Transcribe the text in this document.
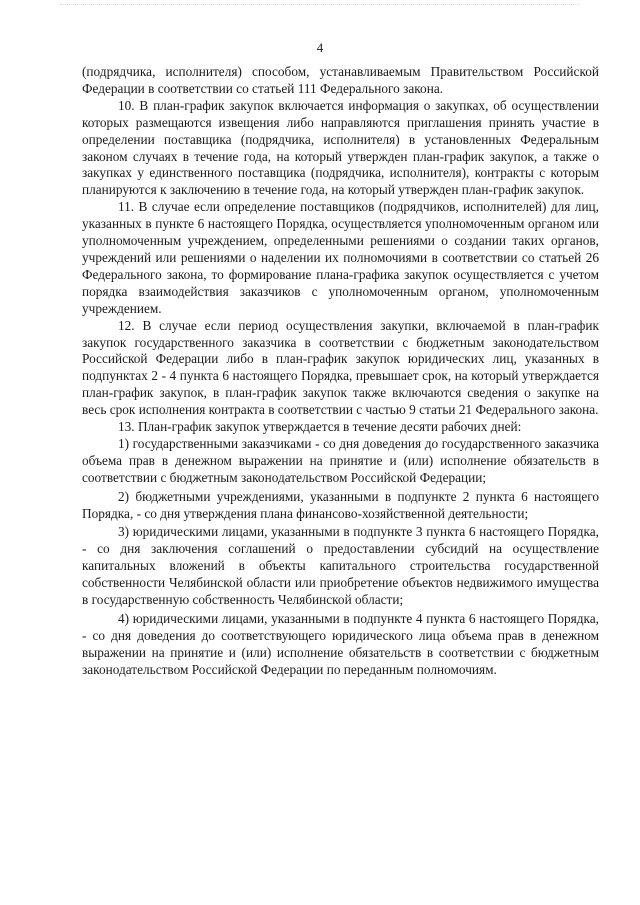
4

(подрядчика, исполнителя) способом, устанавливаемым Правительством Российской Федерации в соответствии со статьей 111 Федерального закона.

10. В план-график закупок включается информация о закупках, об осуществлении которых размещаются извещения либо направляются приглашения принять участие в определении поставщика (подрядчика, исполнителя) в установленных Федеральным законом случаях в течение года, на который утвержден план-график закупок, а также о закупках у единственного поставщика (подрядчика, исполнителя), контракты с которым планируются к заключению в течение года, на который утвержден план-график закупок.

11. В случае если определение поставщиков (подрядчиков, исполнителей) для лиц, указанных в пункте 6 настоящего Порядка, осуществляется уполномоченным органом или уполномоченным учреждением, определенными решениями о создании таких органов, учреждений или решениями о наделении их полномочиями в соответствии со статьей 26 Федерального закона, то формирование плана-графика закупок осуществляется с учетом порядка взаимодействия заказчиков с уполномоченным органом, уполномоченным учреждением.

12. В случае если период осуществления закупки, включаемой в план-график закупок государственного заказчика в соответствии с бюджетным законодательством Российской Федерации либо в план-график закупок юридических лиц, указанных в подпунктах 2 - 4 пункта 6 настоящего Порядка, превышает срок, на который утверждается план-график закупок, в план-график закупок также включаются сведения о закупке на весь срок исполнения контракта в соответствии с частью 9 статьи 21 Федерального закона.

13. План-график закупок утверждается в течение десяти рабочих дней:

1) государственными заказчиками - со дня доведения до государственного заказчика объема прав в денежном выражении на принятие и (или) исполнение обязательств в соответствии с бюджетным законодательством Российской Федерации;

2) бюджетными учреждениями, указанными в подпункте 2 пункта 6 настоящего Порядка, - со дня утверждения плана финансово-хозяйственной деятельности;

3) юридическими лицами, указанными в подпункте 3 пункта 6 настоящего Порядка, - со дня заключения соглашений о предоставлении субсидий на осуществление капитальных вложений в объекты капитального строительства государственной собственности Челябинской области или приобретение объектов недвижимого имущества в государственную собственность Челябинской области;

4) юридическими лицами, указанными в подпункте 4 пункта 6 настоящего Порядка, - со дня доведения до соответствующего юридического лица объема прав в денежном выражении на принятие и (или) исполнение обязательств в соответствии с бюджетным законодательством Российской Федерации по переданным полномочиям.
